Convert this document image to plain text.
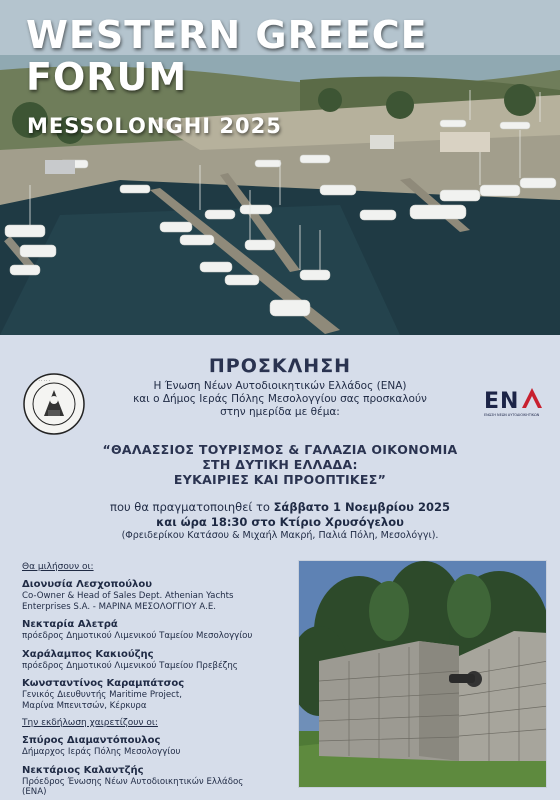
WESTERN GREECE
FORUM
MESSOLONGHI 2025
ΠΡΟΣΚΛΗΣΗ
· · · · · ·
E N
ΕΝΩΣΗ ΝΕΩΝ ΑΥΤΟΔΙΟΙΚΗΤΙΚΩΝ
Η Ένωση Νέων Αυτοδιοικητικών Ελλάδος (ΕΝΑ)
και ο Δήμος Ιεράς Πόλης Μεσολογγίου σας προσκαλούν
στην ημερίδα με θέμα:
“ΘΑΛΑΣΣΙΟΣ ΤΟΥΡΙΣΜΟΣ & ΓΑΛΑΖΙΑ ΟΙΚΟΝΟΜΙΑ
ΣΤΗ ΔΥΤΙΚΗ ΕΛΛΑΔΑ:
ΕΥΚΑΙΡΙΕΣ ΚΑΙ ΠΡΟΟΠΤΙΚΕΣ”
που θα πραγματοποιηθεί το Σάββατο 1 Νοεμβρίου 2025
και ώρα 18:30 στο Κτίριο Χρυσόγελου
(Φρειδερίκου Κατάσου & Μιχαήλ Μακρή, Παλιά Πόλη, Μεσολόγγι).
Θα μιλήσουν οι:
Διονυσία Λεσχοπούλου
Co-Owner & Head of Sales Dept. Athenian Yachts
Enterprises S.A. - ΜΑΡΙΝΑ ΜΕΣΟΛΟΓΓΙΟΥ Α.Ε.
Νεκταρία Αλετρά
πρόεδρος Δημοτικού Λιμενικού Ταμείου Μεσολογγίου
Χαράλαμπος Κακιούζης
πρόεδρος Δημοτικού Λιμενικού Ταμείου Πρεβέζης
Κωνσταντίνος Καραμπάτσος
Γενικός Διευθυντής Maritime Project,
Μαρίνα Μπενιτσών, Κέρκυρα
Την εκδήλωση χαιρετίζουν οι:
Σπύρος Διαμαντόπουλος
Δήμαρχος Ιεράς Πόλης Μεσολογγίου
Νεκτάριος Καλαντζής
Πρόεδρος Ένωσης Νέων Αυτοδιοικητικών Ελλάδος
(ΕΝΑ)
